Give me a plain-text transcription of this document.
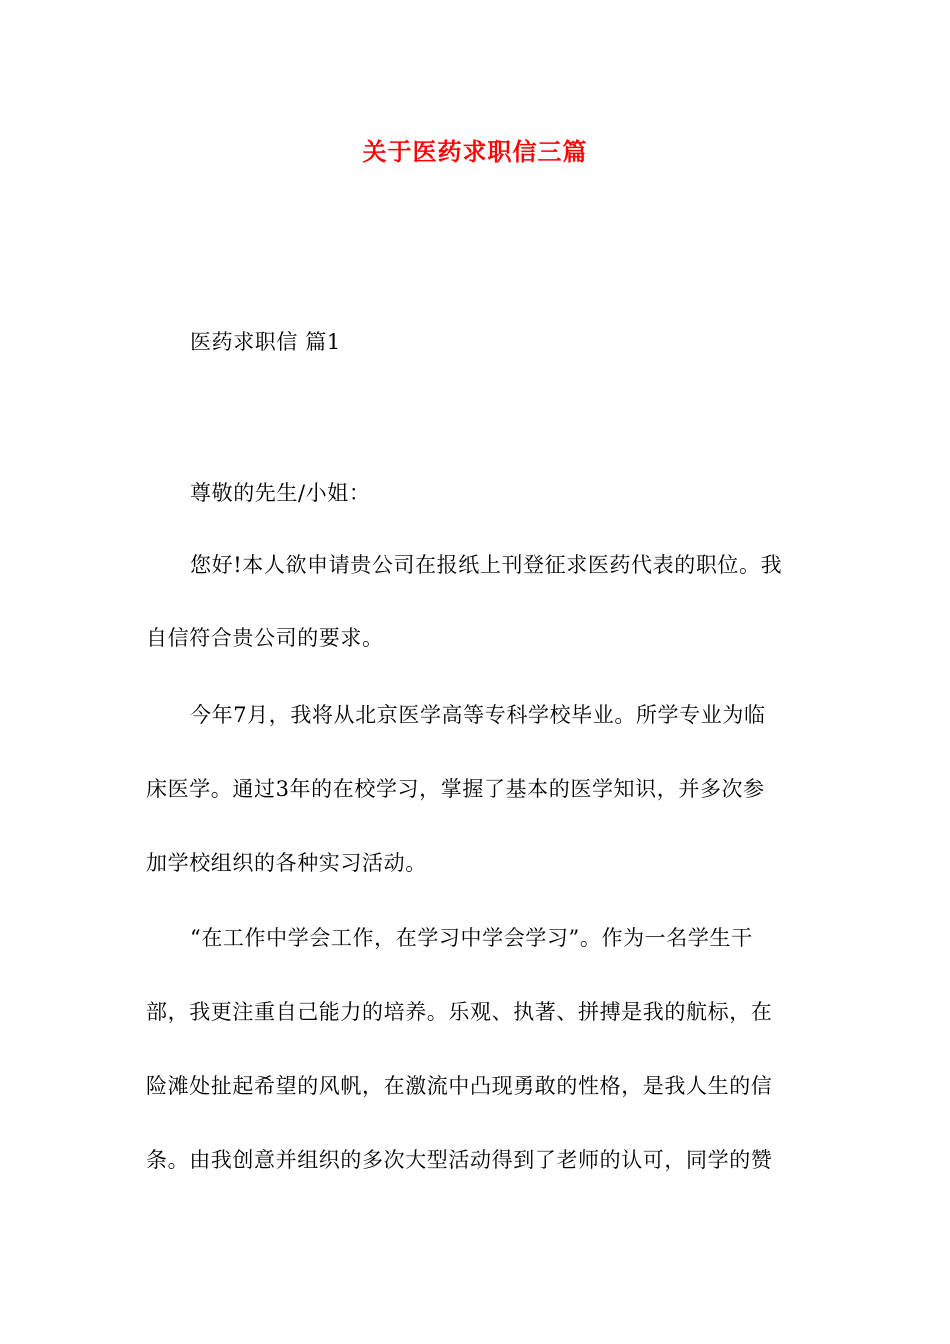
关于医药求职信三篇
医药求职信 篇1
尊敬的先生/小姐：
您好!本人欲申请贵公司在报纸上刊登征求医药代表的职位。我
自信符合贵公司的要求。
今年7月，我将从北京医学高等专科学校毕业。所学专业为临
床医学。通过3年的在校学习，掌握了基本的医学知识，并多次参
加学校组织的各种实习活动。
“在工作中学会工作，在学习中学会学习”。作为一名学生干
部，我更注重自己能力的培养。乐观、执著、拼搏是我的航标，在
险滩处扯起希望的风帆，在激流中凸现勇敢的性格，是我人生的信
条。由我创意并组织的多次大型活动得到了老师的认可，同学的赞
